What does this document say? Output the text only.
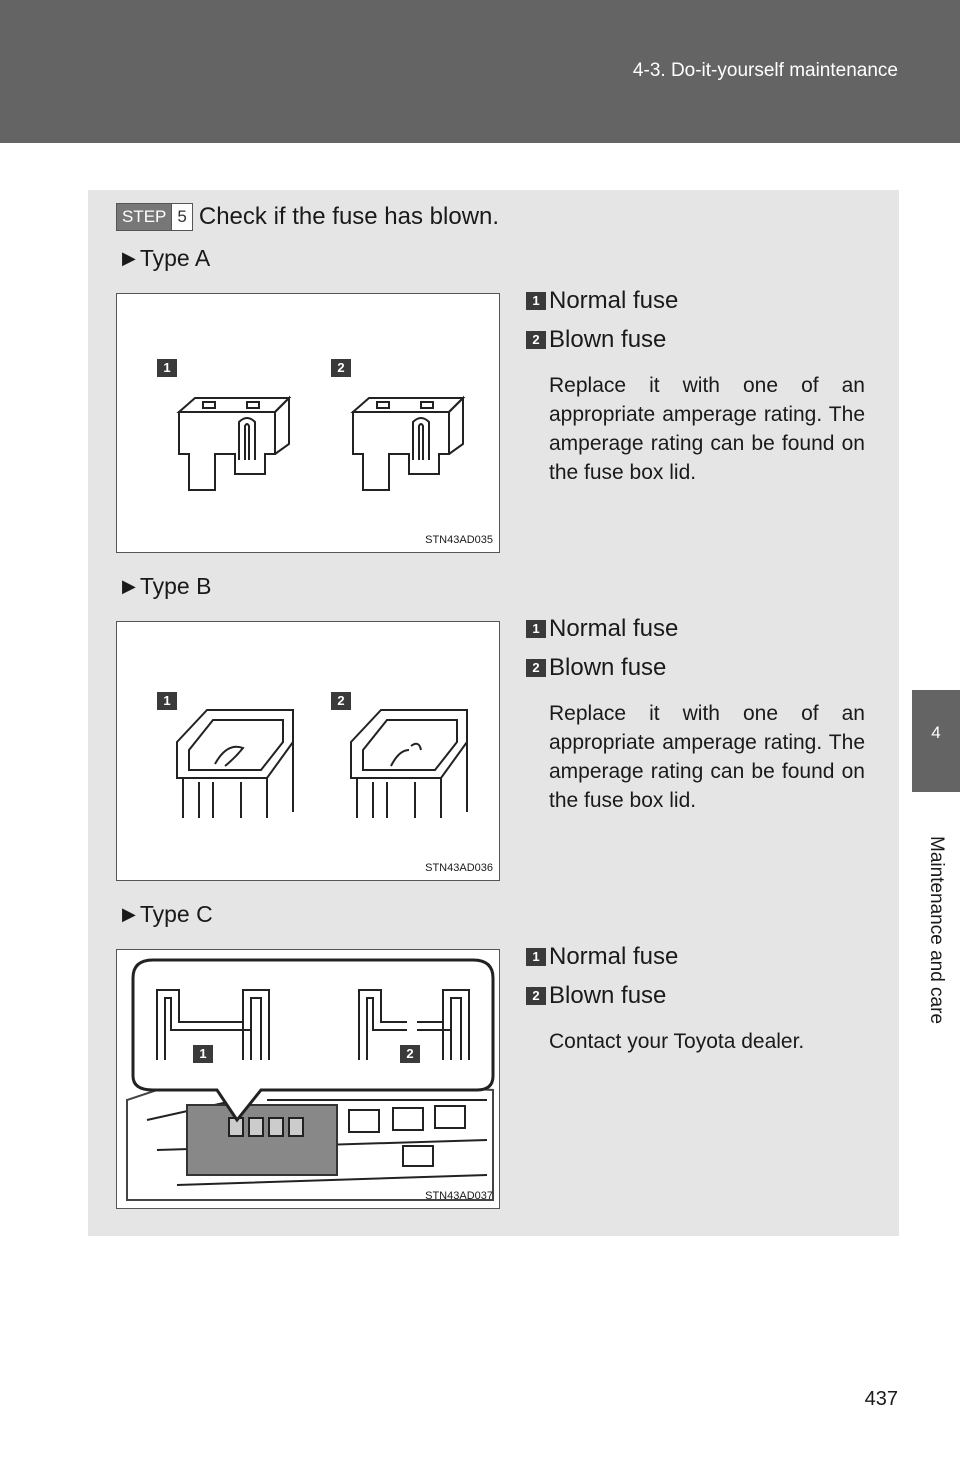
4-3. Do-it-yourself maintenance
4
Maintenance and care
STEP 5 Check if the fuse has blown.
▶ Type A
1	2
STN43AD035
1 Normal fuse
2 Blown fuse
Replace it with one of an appropriate amperage rating. The amperage rating can be found on the fuse box lid.
▶ Type B
1	2
STN43AD036
1 Normal fuse
2 Blown fuse
Replace it with one of an appropriate amperage rating. The amperage rating can be found on the fuse box lid.
▶ Type C
1	2
STN43AD037
1 Normal fuse
2 Blown fuse
Contact your Toyota dealer.
437
